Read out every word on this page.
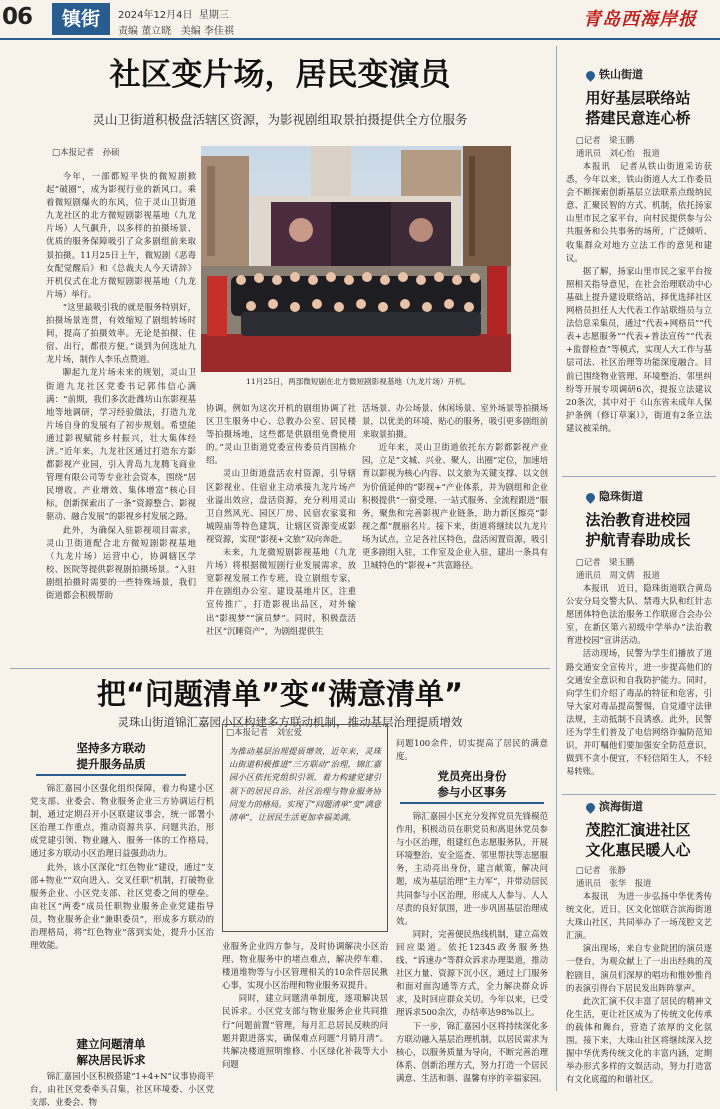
06	镇街	2024年12月4日 星期三
责编 董立晓 美编 李佳祺
青岛西海岸报
社区变片场，居民变演员
灵山卫街道积极盘活辖区资源，为影视剧组取景拍摄提供全方位服务
□本报记者　孙硕

今年，一部都短平快的微短剧掀起“破圈”，成为影视行业的新风口。乘着微短剧爆火的东风，位于灵山卫街道九龙社区的北方微短剧影视基地（九龙片场）人气飙升，以多样的拍摄场景、优质的服务保障吸引了众多剧组前来取景拍摄。11月25日上午，微短剧《恶毒女配觉醒后》和《总裁夫人今天请辞》开机仪式在北方微短剧影视基地（九龙片场）举行。

“这里最吸引我的就是服务特别好，拍摄场景连贯，有效缩短了剧组转场时间，提高了拍摄效率。无论是拍摄、住宿、出行，都很方便。”谈到为何选址九龙片场，制作人李乐点赞道。

聊起九龙片场未来的规划，灵山卫街道九龙社区党委书记郭伟信心满满：“前期，我们多次赴潍坊山东影视基地等地调研，学习经验做法，打造九龙片场自身的发展有了初步规划。希望能通过影视赋能乡村振兴，壮大集体经济。”近年来，九龙社区通过打造东方影都影视产业园，引入青岛九龙腾飞商业管理有限公司等专业社会资本，围绕“居民增收、产业增效、集体增富”核心目标，创新探索出了一条“资源整合、影视驱动、融合发展”的影视乡村发展之路。

此外，为确保入驻影视项目需求，灵山卫街道配合北方微短剧影视基地（九龙片场）运营中心，协调辖区学校、医院等提供影视剧拍摄场景。“入驻剧组拍摄时需要的一些特殊场景，我们街道都会积极帮助

11月25日，两部微短剧在北方微短剧影视基地（九龙片场）开机。

协调，例如为这次开机的剧组协调了社区卫生服务中心、总教办公室、居民楼等拍摄场地，这些都是供剧组免费使用的。”灵山卫街道党委宣传委员肖国栋介绍。

灵山卫街道盘活农村资源，引导辖区影视业、住宿业主动承接九龙片场产业溢出效应，盘活资源，充分利用灵山卫自然风光、园区厂房、民宿农家宴和城隍庙等特色建筑，让辖区资源变成影视资源，实现“影视+文旅”双向奔赴。

未来，九龙微短剧影视基地（九龙片场）将根据微短剧行业发展需求，放宽影视发展工作专班，设立剧组专家，并在剧组办公室、建设基地片区，注重宣传推广，打造影视出品区，对外输出“影视梦”“演员梦”。同时，积极盘活社区“沉睡资产”，为剧组提供生

活场景、办公场景、休闲场景、室外场景等拍摄场景，以优美的环境、贴心的服务，吸引更多剧组前来取景拍摄。

近年来，灵山卫街道依托东方影都影视产业园，立足“文城、兴业、聚人、出圈”定位，加速培育以影视为核心内容、以文旅为关键支撑、以文创为价值延伸的“影视+”产业体系，并为剧组和企业积极提供“一窗受理、一站式服务、全流程跟进”服务，聚焦和完善影视产业链条，助力新区擦亮“影视之都”靓丽名片。接下来，街道将继续以九龙片场为试点，立足各社区特色，盘活闲置资源，吸引更多剧组入驻，工作室及企业入驻，建出一条具有卫城特色的“影视+”共富路径。

把“问题清单”变“满意清单”
灵珠山街道锦汇嘉园小区构建多方联动机制，推动基层治理提质增效
坚持多方联动
提升服务品质

锦汇嘉园小区强化组织保障，着力构建小区党支部、业委会、物业服务企业三方协调运行机制，通过定期召开小区联建议事会，统一部署小区治理工作重点，推动资源共享、问题共治，形成党建引领、物业融入、服务一体的工作格局，通过多方联动小区治理日益强劲动力。

此外，该小区深化“红色物业”建设，通过“支部+物业”“双向进入、交叉任职”机制，打破物业服务企业、小区党支部、社区党委之间的壁垒。由社区“两委”成员任职物业服务企业党建指导员，物业服务企业“兼职委员”，形成多方联动的治理格局，将“红色物业”落到实处，提升小区治理效能。

建立问题清单
解决居民诉求

锦汇嘉园小区积极搭建“1+4+N”议事协商平台，由社区党委牵头召集，社区环境委、小区党支部、业委会、物

□本报记者　刘宏爱
为推动基层治理提质增效，近年来，灵珠山街道积极推进“三方联动”治理，锦汇嘉园小区依托党组织引领，着力构建党建引领下的居民自治、社区治理与物业服务协同发力的格局。实现了“问题清单”变“满意清单”，让居民生活更加幸福美满。

业服务企业四方参与，及时协调解决小区治理、物业服务中的堵点难点，解决停车难、楼道堆物等与小区管理相关的10余件居民揪心事，实现小区治理和物业服务双提升。

同时，建立问题清单制度，逐项解决居民诉求。小区党支部与物业服务企业共同推行“问题前置”管理，每月汇总居民反映的问题并跟进落实，确保难点问题“月销月清”。共解决楼道照明维修、小区绿化补栽等大小问题

问题100余件，切实提高了居民的满意度。

党员亮出身份
参与小区事务

锦汇嘉园小区充分发挥党员先锋模范作用，积极动员在职党员和离退休党员参与小区治理，组建红色志愿服务队，开展环境整治、安全巡查、邻里帮扶等志愿服务，主动亮出身份，建言献策，解决问题，成为基层治理“主力军”，并带动居民共同参与小区治理，形成人人参与、人人尽责的良好氛围，进一步巩固基层治理成效。

同时，完善便民热线机制，建立高效回应渠道。依托12345政务服务热线、“诉速办”等群众诉求办理渠道，推动社区力量、资源下沉小区，通过上门服务和面对面沟通等方式，全力解决群众诉求，及时回应群众关切。今年以来，已受理诉求500余次，办结率达98%以上。

下一步，锦汇嘉园小区将持续深化多方联动融入基层治理机制，以居民需求为核心，以服务质量为导向，不断完善治理体系、创新治理方式，努力打造一个居民满意、生活和谐、温馨有序的幸福家园。

铁山街道
用好基层联络站
搭建民意连心桥
□记者　梁玉鹏
通讯员　刘心怡　报道

本报讯　记者从铁山街道采访获悉，今年以来，铁山街道人大工作委员会不断探索创新基层立法联系点级纳民意、汇聚民智的方式、机制，依托扬家山里市民之家平台，向村民提供参与公共服务和公共事务的场所，广泛倾听、收集群众对地方立法工作的意见和建议。

据了解，扬家山里市民之家平台按照相关指导意见，在社会治理联动中心基础上提升建设联络站，择优选择社区网格员担任人大代表工作站联络员与立法信息采集员，通过“代表+网格员”“代表+志愿服务”“代表+普法宣传”“代表+监督检查”等模式，实现人大工作与基层司法、社区治理等功能深度融合。目前已围绕物业管理、环境整治、邻里纠纷等开展专项调研6次，提报立法建议20条次，其中对于《山东省未成年人保护条例（修订草案）》，街道有2条立法建议被采纳。

隐珠街道
法治教育进校园
护航青春助成长
□记者　梁玉鹏
通讯员　周文倩　报道

本报讯　近日，隐珠街道联合黄岛公安分局交警大队、禁毒大队和红针志愿团体特色法治服务工作联席合会办公室，在新区第六初级中学举办“法治教育进校园”宣讲活动。

活动现场，民警为学生们播放了道路交通安全宣传片，进一步提高他们的交通安全意识和自我防护能力。同时，向学生们介绍了毒品的特征和危害，引导大家对毒品提高警惕，自觉遵守法律法规，主动抵制不良诱惑。此外，民警还为学生们普及了电信网络诈骗防范知识，并叮嘱他们要加强安全防范意识，做到不贪小便宜，不轻信陌生人，不轻易转账。

滨海街道
茂腔汇演进社区
文化惠民暖人心
□记者　张静
通讯员　张华　报道

本报讯　为进一步弘扬中华优秀传统文化，近日，区文化馆联合滨海街道大珠山社区，共同举办了一场茂腔文艺汇演。

演出现场，来自专业院团的演员逐一登台，为观众献上了一出出经典的茂腔剧目，演员们深厚的唱功和惟妙惟肖的表演引得台下居民发出阵阵掌声。

此次汇演不仅丰富了居民的精神文化生活，更让社区成为了传统文化传承的载体和舞台，营造了浓厚的文化氛围。接下来，大珠山社区将继续深入挖掘中华优秀传统文化的丰富内涵，定期举办形式多样的文娱活动，努力打造富有文化底蕴的和谐社区。
